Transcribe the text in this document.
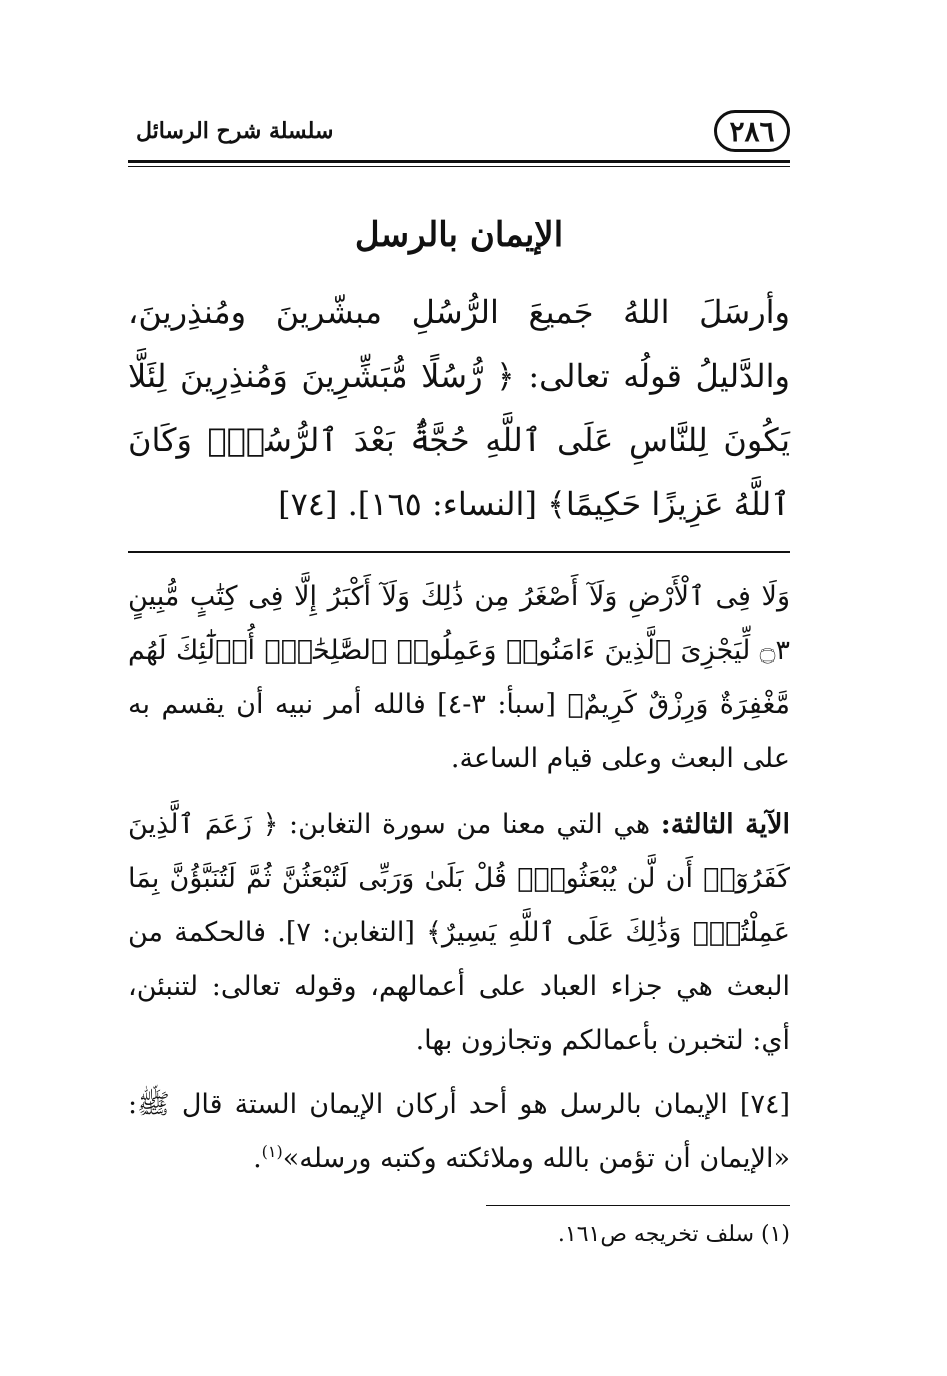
٢٨٦
سلسلة شرح الرسائل
الإيمان بالرسل
وأرسَلَ اللهُ جَميعَ الرُّسُلِ مبشّرينَ ومُنذِرينَ، والدَّليلُ قولُه تعالى: ﴿ رُّسُلًا مُّبَشِّرِينَ وَمُنذِرِينَ لِئَلَّا يَكُونَ لِلنَّاسِ عَلَى ٱللَّهِ حُجَّةٌۢ بَعْدَ ٱلرُّسُلِۚ وَكَانَ ٱللَّهُ عَزِيزًا حَكِيمًا﴾ [النساء: ١٦٥]. [٧٤]
وَلَا فِى ٱلْأَرْضِ وَلَآ أَصْغَرُ مِن ذَٰلِكَ وَلَآ أَكْبَرُ إِلَّا فِى كِتَٰبٍ مُّبِينٍ ۝٣ لِّيَجْزِىَ ٱلَّذِينَ ءَامَنُوا۟ وَعَمِلُوا۟ ٱلصَّٰلِحَٰتِۚ أُو۟لَٰٓئِكَ لَهُم مَّغْفِرَةٌ وَرِزْقٌ كَرِيمٌ﴾ [سبأ: ٣-٤] فالله أمر نبيه أن يقسم به على البعث وعلى قيام الساعة.
الآية الثالثة: هي التي معنا من سورة التغابن: ﴿ زَعَمَ ٱلَّذِينَ كَفَرُوٓا۟ أَن لَّن يُبْعَثُوا۟ۚ قُلْ بَلَىٰ وَرَبِّى لَتُبْعَثُنَّ ثُمَّ لَتُنَبَّؤُنَّ بِمَا عَمِلْتُمْۚ وَذَٰلِكَ عَلَى ٱللَّهِ يَسِيرٌ﴾ [التغابن: ٧]. فالحكمة من البعث هي جزاء العباد على أعمالهم، وقوله تعالى: لتنبئن، أي: لتخبرن بأعمالكم وتجازون بها.
[٧٤] الإيمان بالرسل هو أحد أركان الإيمان الستة قال ﷺ: «الإيمان أن تؤمن بالله وملائكته وكتبه ورسله»$^{(١)}$.
(١) سلف تخريجه ص١٦١.
